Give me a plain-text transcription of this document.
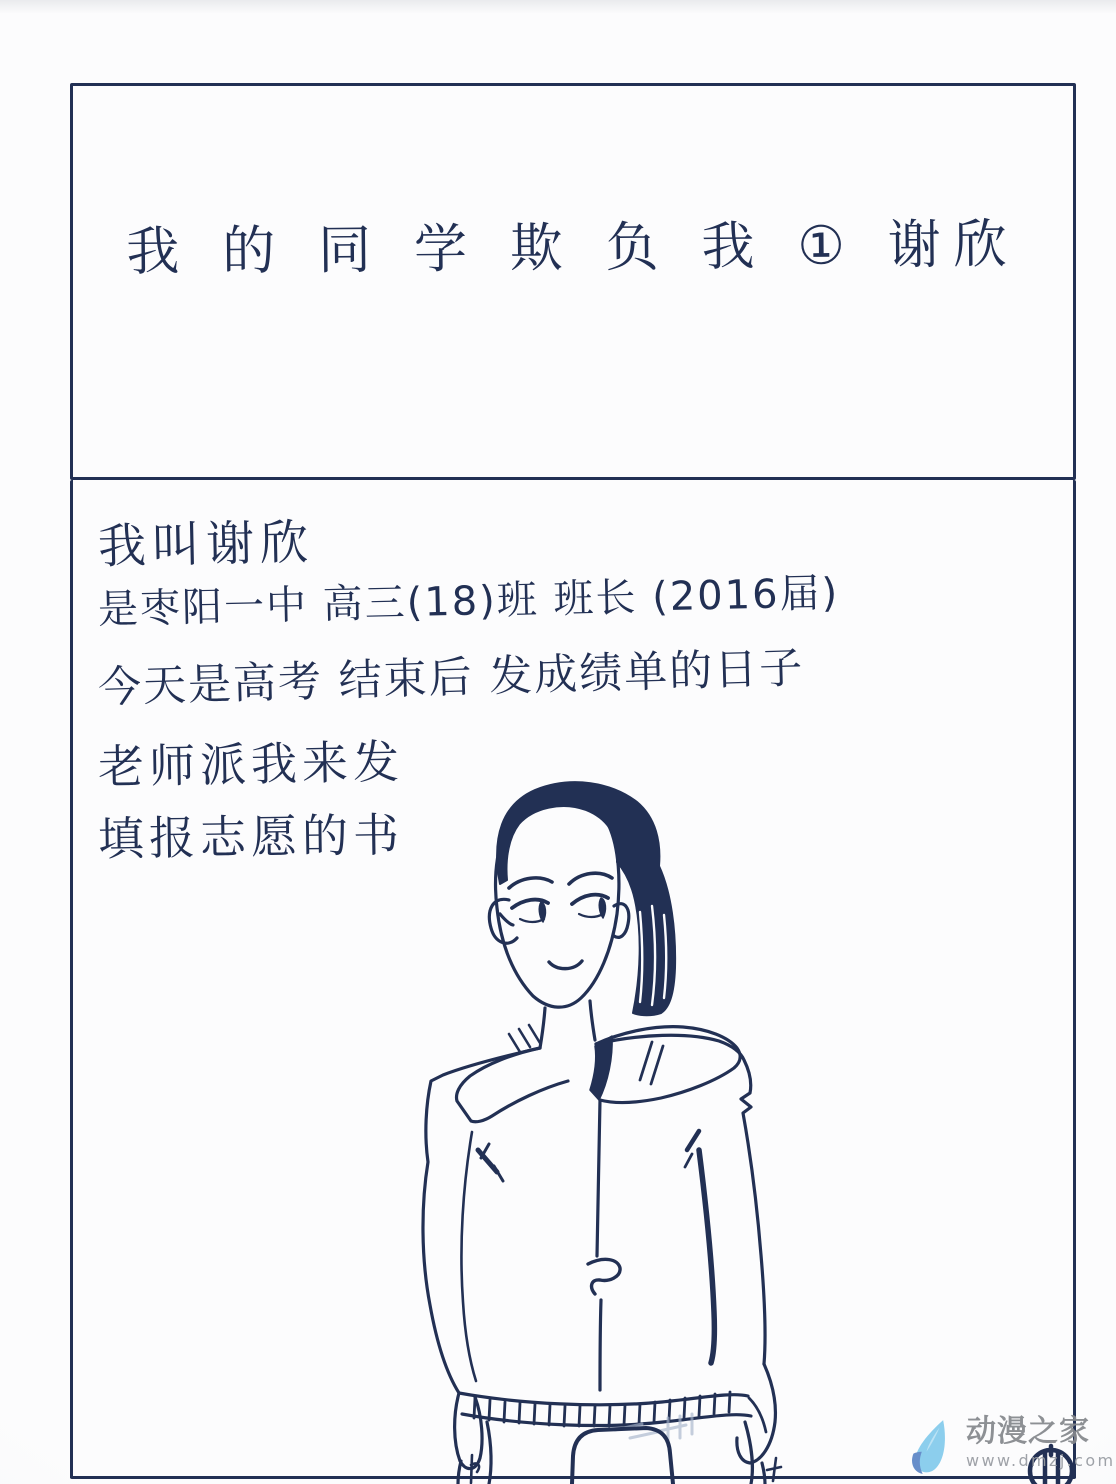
我 的 同 学 欺 负 我 ① 谢欣
我叫谢欣
是枣阳一中 高三(18)班 班长 (2016届)
今天是高考 结束后 发成绩单的日子
老师派我来发
填报志愿的书
动漫之家
www.dmzj.com
